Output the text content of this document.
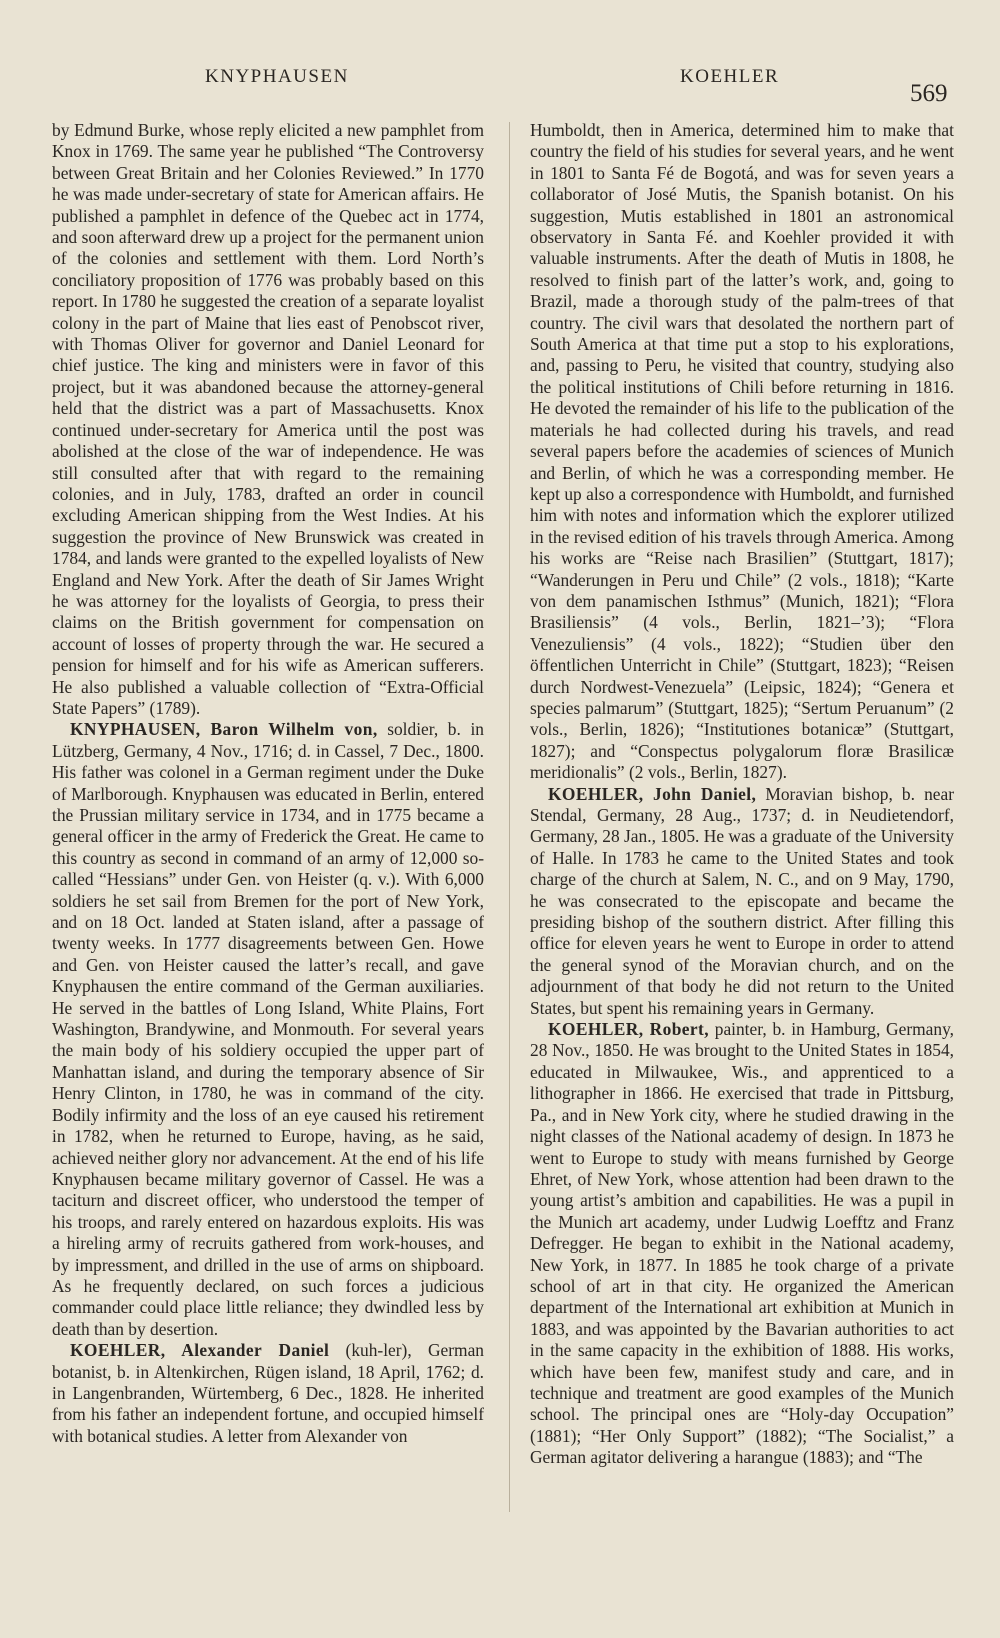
KNYPHAUSEN	KOEHLER
569

by Edmund Burke, whose reply elicited a new pamphlet from Knox in 1769. The same year he published “The Controversy between Great Britain and her Colonies Reviewed.” In 1770 he was made under-secretary of state for American affairs. He published a pamphlet in defence of the Quebec act in 1774, and soon afterward drew up a project for the permanent union of the colonies and settlement with them. Lord North’s conciliatory proposition of 1776 was probably based on this report. In 1780 he suggested the creation of a separate loyalist colony in the part of Maine that lies east of Penobscot river, with Thomas Oliver for governor and Daniel Leonard for chief justice. The king and ministers were in favor of this project, but it was abandoned because the attorney-general held that the district was a part of Massachusetts. Knox continued under-secretary for America until the post was abolished at the close of the war of independence. He was still consulted after that with regard to the remaining colonies, and in July, 1783, drafted an order in council excluding American shipping from the West Indies. At his suggestion the province of New Brunswick was created in 1784, and lands were granted to the expelled loyalists of New England and New York. After the death of Sir James Wright he was attorney for the loyalists of Georgia, to press their claims on the British government for compensation on account of losses of property through the war. He secured a pension for himself and for his wife as American sufferers. He also published a valuable collection of “Extra-Official State Papers” (1789).

KNYPHAUSEN, Baron Wilhelm von, soldier, b. in Lützberg, Germany, 4 Nov., 1716; d. in Cassel, 7 Dec., 1800. His father was colonel in a German regiment under the Duke of Marlborough. Knyphausen was educated in Berlin, entered the Prussian military service in 1734, and in 1775 became a general officer in the army of Frederick the Great. He came to this country as second in command of an army of 12,000 so-called “Hessians” under Gen. von Heister (q. v.). With 6,000 soldiers he set sail from Bremen for the port of New York, and on 18 Oct. landed at Staten island, after a passage of twenty weeks. In 1777 disagreements between Gen. Howe and Gen. von Heister caused the latter’s recall, and gave Knyphausen the entire command of the German auxiliaries. He served in the battles of Long Island, White Plains, Fort Washington, Brandywine, and Monmouth. For several years the main body of his soldiery occupied the upper part of Manhattan island, and during the temporary absence of Sir Henry Clinton, in 1780, he was in command of the city. Bodily infirmity and the loss of an eye caused his retirement in 1782, when he returned to Europe, having, as he said, achieved neither glory nor advancement. At the end of his life Knyphausen became military governor of Cassel. He was a taciturn and discreet officer, who understood the temper of his troops, and rarely entered on hazardous exploits. His was a hireling army of recruits gathered from work-houses, and by impressment, and drilled in the use of arms on shipboard. As he frequently declared, on such forces a judicious commander could place little reliance; they dwindled less by death than by desertion.

KOEHLER, Alexander Daniel (kuh-ler), German botanist, b. in Altenkirchen, Rügen island, 18 April, 1762; d. in Langenbranden, Würtemberg, 6 Dec., 1828. He inherited from his father an independent fortune, and occupied himself with botanical studies. A letter from Alexander von

Humboldt, then in America, determined him to make that country the field of his studies for several years, and he went in 1801 to Santa Fé de Bogotá, and was for seven years a collaborator of José Mutis, the Spanish botanist. On his suggestion, Mutis established in 1801 an astronomical observatory in Santa Fé. and Koehler provided it with valuable instruments. After the death of Mutis in 1808, he resolved to finish part of the latter’s work, and, going to Brazil, made a thorough study of the palm-trees of that country. The civil wars that desolated the northern part of South America at that time put a stop to his explorations, and, passing to Peru, he visited that country, studying also the political institutions of Chili before returning in 1816. He devoted the remainder of his life to the publication of the materials he had collected during his travels, and read several papers before the academies of sciences of Munich and Berlin, of which he was a corresponding member. He kept up also a correspondence with Humboldt, and furnished him with notes and information which the explorer utilized in the revised edition of his travels through America. Among his works are “Reise nach Brasilien” (Stuttgart, 1817); “Wanderungen in Peru und Chile” (2 vols., 1818); “Karte von dem panamischen Isthmus” (Munich, 1821); “Flora Brasiliensis” (4 vols., Berlin, 1821–’3); “Flora Venezuliensis” (4 vols., 1822); “Studien über den öffentlichen Unterricht in Chile” (Stuttgart, 1823); “Reisen durch Nordwest-Venezuela” (Leipsic, 1824); “Genera et species palmarum” (Stuttgart, 1825); “Sertum Peruanum” (2 vols., Berlin, 1826); “Institutiones botanicæ” (Stuttgart, 1827); and “Conspectus polygalorum floræ Brasilicæ meridionalis” (2 vols., Berlin, 1827).

KOEHLER, John Daniel, Moravian bishop, b. near Stendal, Germany, 28 Aug., 1737; d. in Neudietendorf, Germany, 28 Jan., 1805. He was a graduate of the University of Halle. In 1783 he came to the United States and took charge of the church at Salem, N. C., and on 9 May, 1790, he was consecrated to the episcopate and became the presiding bishop of the southern district. After filling this office for eleven years he went to Europe in order to attend the general synod of the Moravian church, and on the adjournment of that body he did not return to the United States, but spent his remaining years in Germany.

KOEHLER, Robert, painter, b. in Hamburg, Germany, 28 Nov., 1850. He was brought to the United States in 1854, educated in Milwaukee, Wis., and apprenticed to a lithographer in 1866. He exercised that trade in Pittsburg, Pa., and in New York city, where he studied drawing in the night classes of the National academy of design. In 1873 he went to Europe to study with means furnished by George Ehret, of New York, whose attention had been drawn to the young artist’s ambition and capabilities. He was a pupil in the Munich art academy, under Ludwig Loefftz and Franz Defregger. He began to exhibit in the National academy, New York, in 1877. In 1885 he took charge of a private school of art in that city. He organized the American department of the International art exhibition at Munich in 1883, and was appointed by the Bavarian authorities to act in the same capacity in the exhibition of 1888. His works, which have been few, manifest study and care, and in technique and treatment are good examples of the Munich school. The principal ones are “Holy-day Occupation” (1881); “Her Only Support” (1882); “The Socialist,” a German agitator delivering a harangue (1883); and “The
